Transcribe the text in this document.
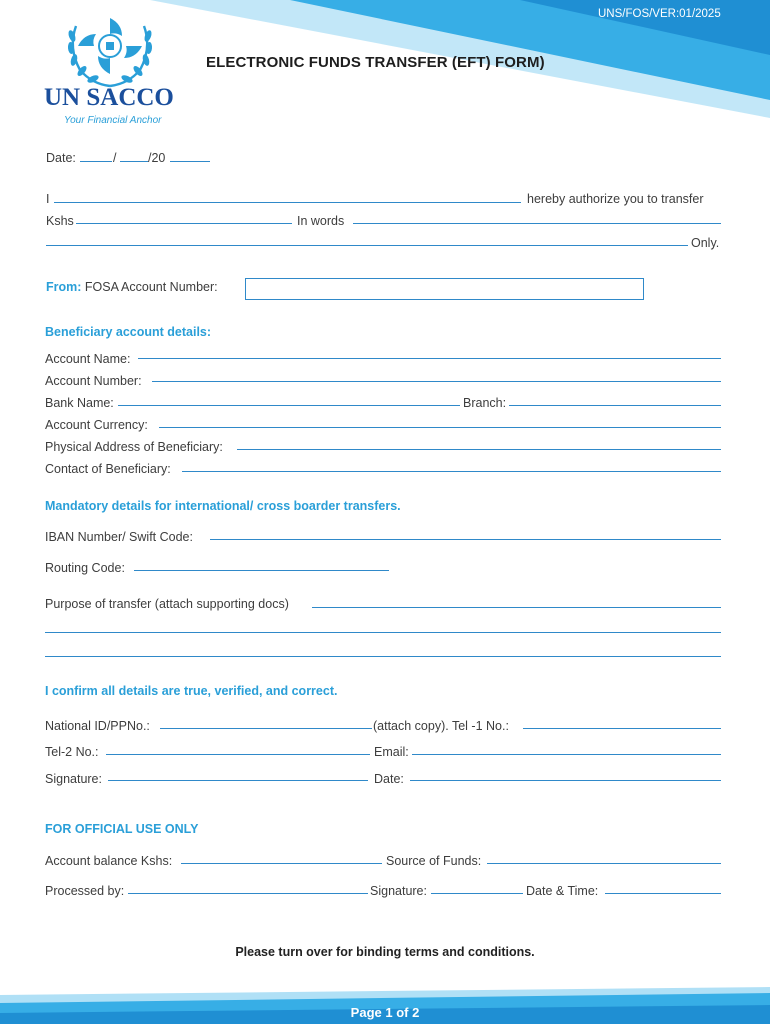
UNS/FOS/VER:01/2025
UN SACCO
Your Financial Anchor
ELECTRONIC FUNDS TRANSFER (EFT) FORM)
Date:	/	/20
I	hereby authorize you to transfer
Kshs	In words
Only.
From: FOSA Account Number:
Beneficiary account details:
Account Name:
Account Number:
Bank Name:	Branch:
Account Currency:
Physical Address of Beneficiary:
Contact of Beneficiary:
Mandatory details for international/ cross boarder transfers.
IBAN Number/ Swift Code:
Routing Code:
Purpose of transfer (attach supporting docs)
I confirm all details are true, verified, and correct.
National ID/PPNo.:	(attach copy). Tel -1 No.:
Tel-2 No.:	Email:
Signature:	Date:
FOR OFFICIAL USE ONLY
Account balance Kshs:	Source of Funds:
Processed by:	Signature:	Date & Time:
Please turn over for binding terms and conditions.
Page 1 of 2
